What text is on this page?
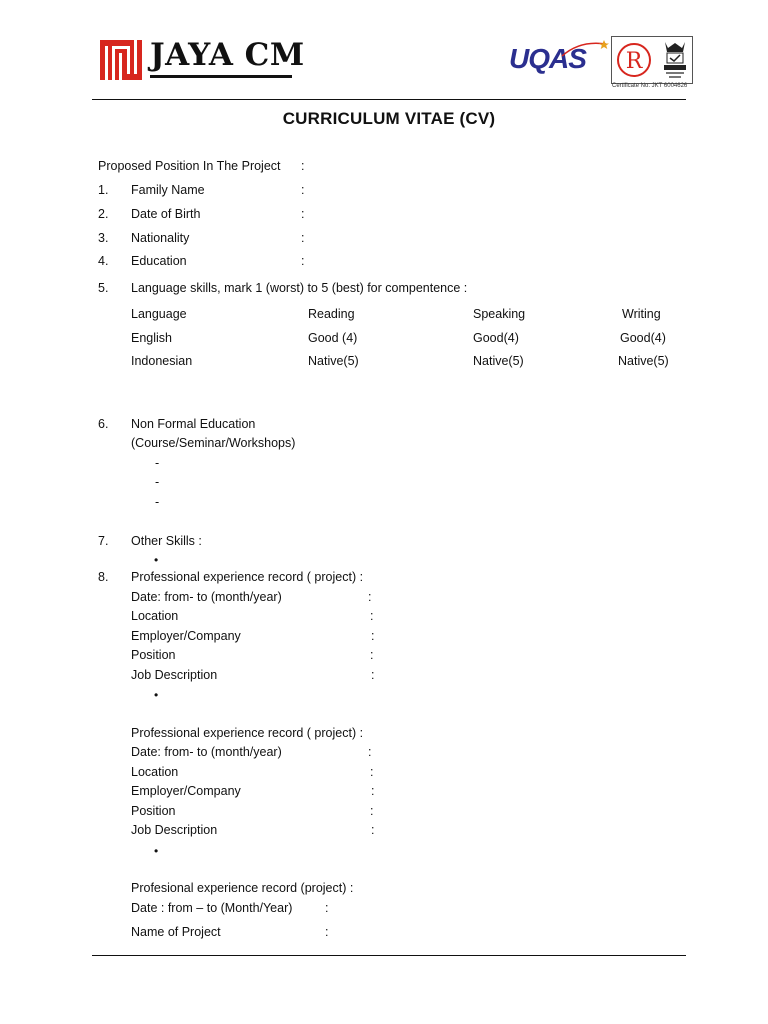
JAYA CM	UQAS R
Certificate No. JKT 6004626
CURRICULUM VITAE (CV)
Proposed Position In The Project :
1. Family Name	:
2. Date of Birth	:
3. Nationality	:
4. Education	:
5. Language skills, mark 1 (worst) to 5 (best) for compentence :
Language	Reading	Speaking	Writing
English	Good (4)	Good(4)	Good(4)
Indonesian	Native(5)	Native(5)	Native(5)
6. Non Formal Education
(Course/Seminar/Workshops)
-
-
-
7. Other Skills :
•
8. Professional experience record ( project) :
Date: from- to (month/year)	:
Location	:
Employer/Company	:
Position	:
Job Description	:
•
Professional experience record ( project) :
Date: from- to (month/year)	:
Location	:
Employer/Company	:
Position	:
Job Description	:
•
Profesional experience record (project) :
Date : from – to (Month/Year)	:
Name of Project	:
